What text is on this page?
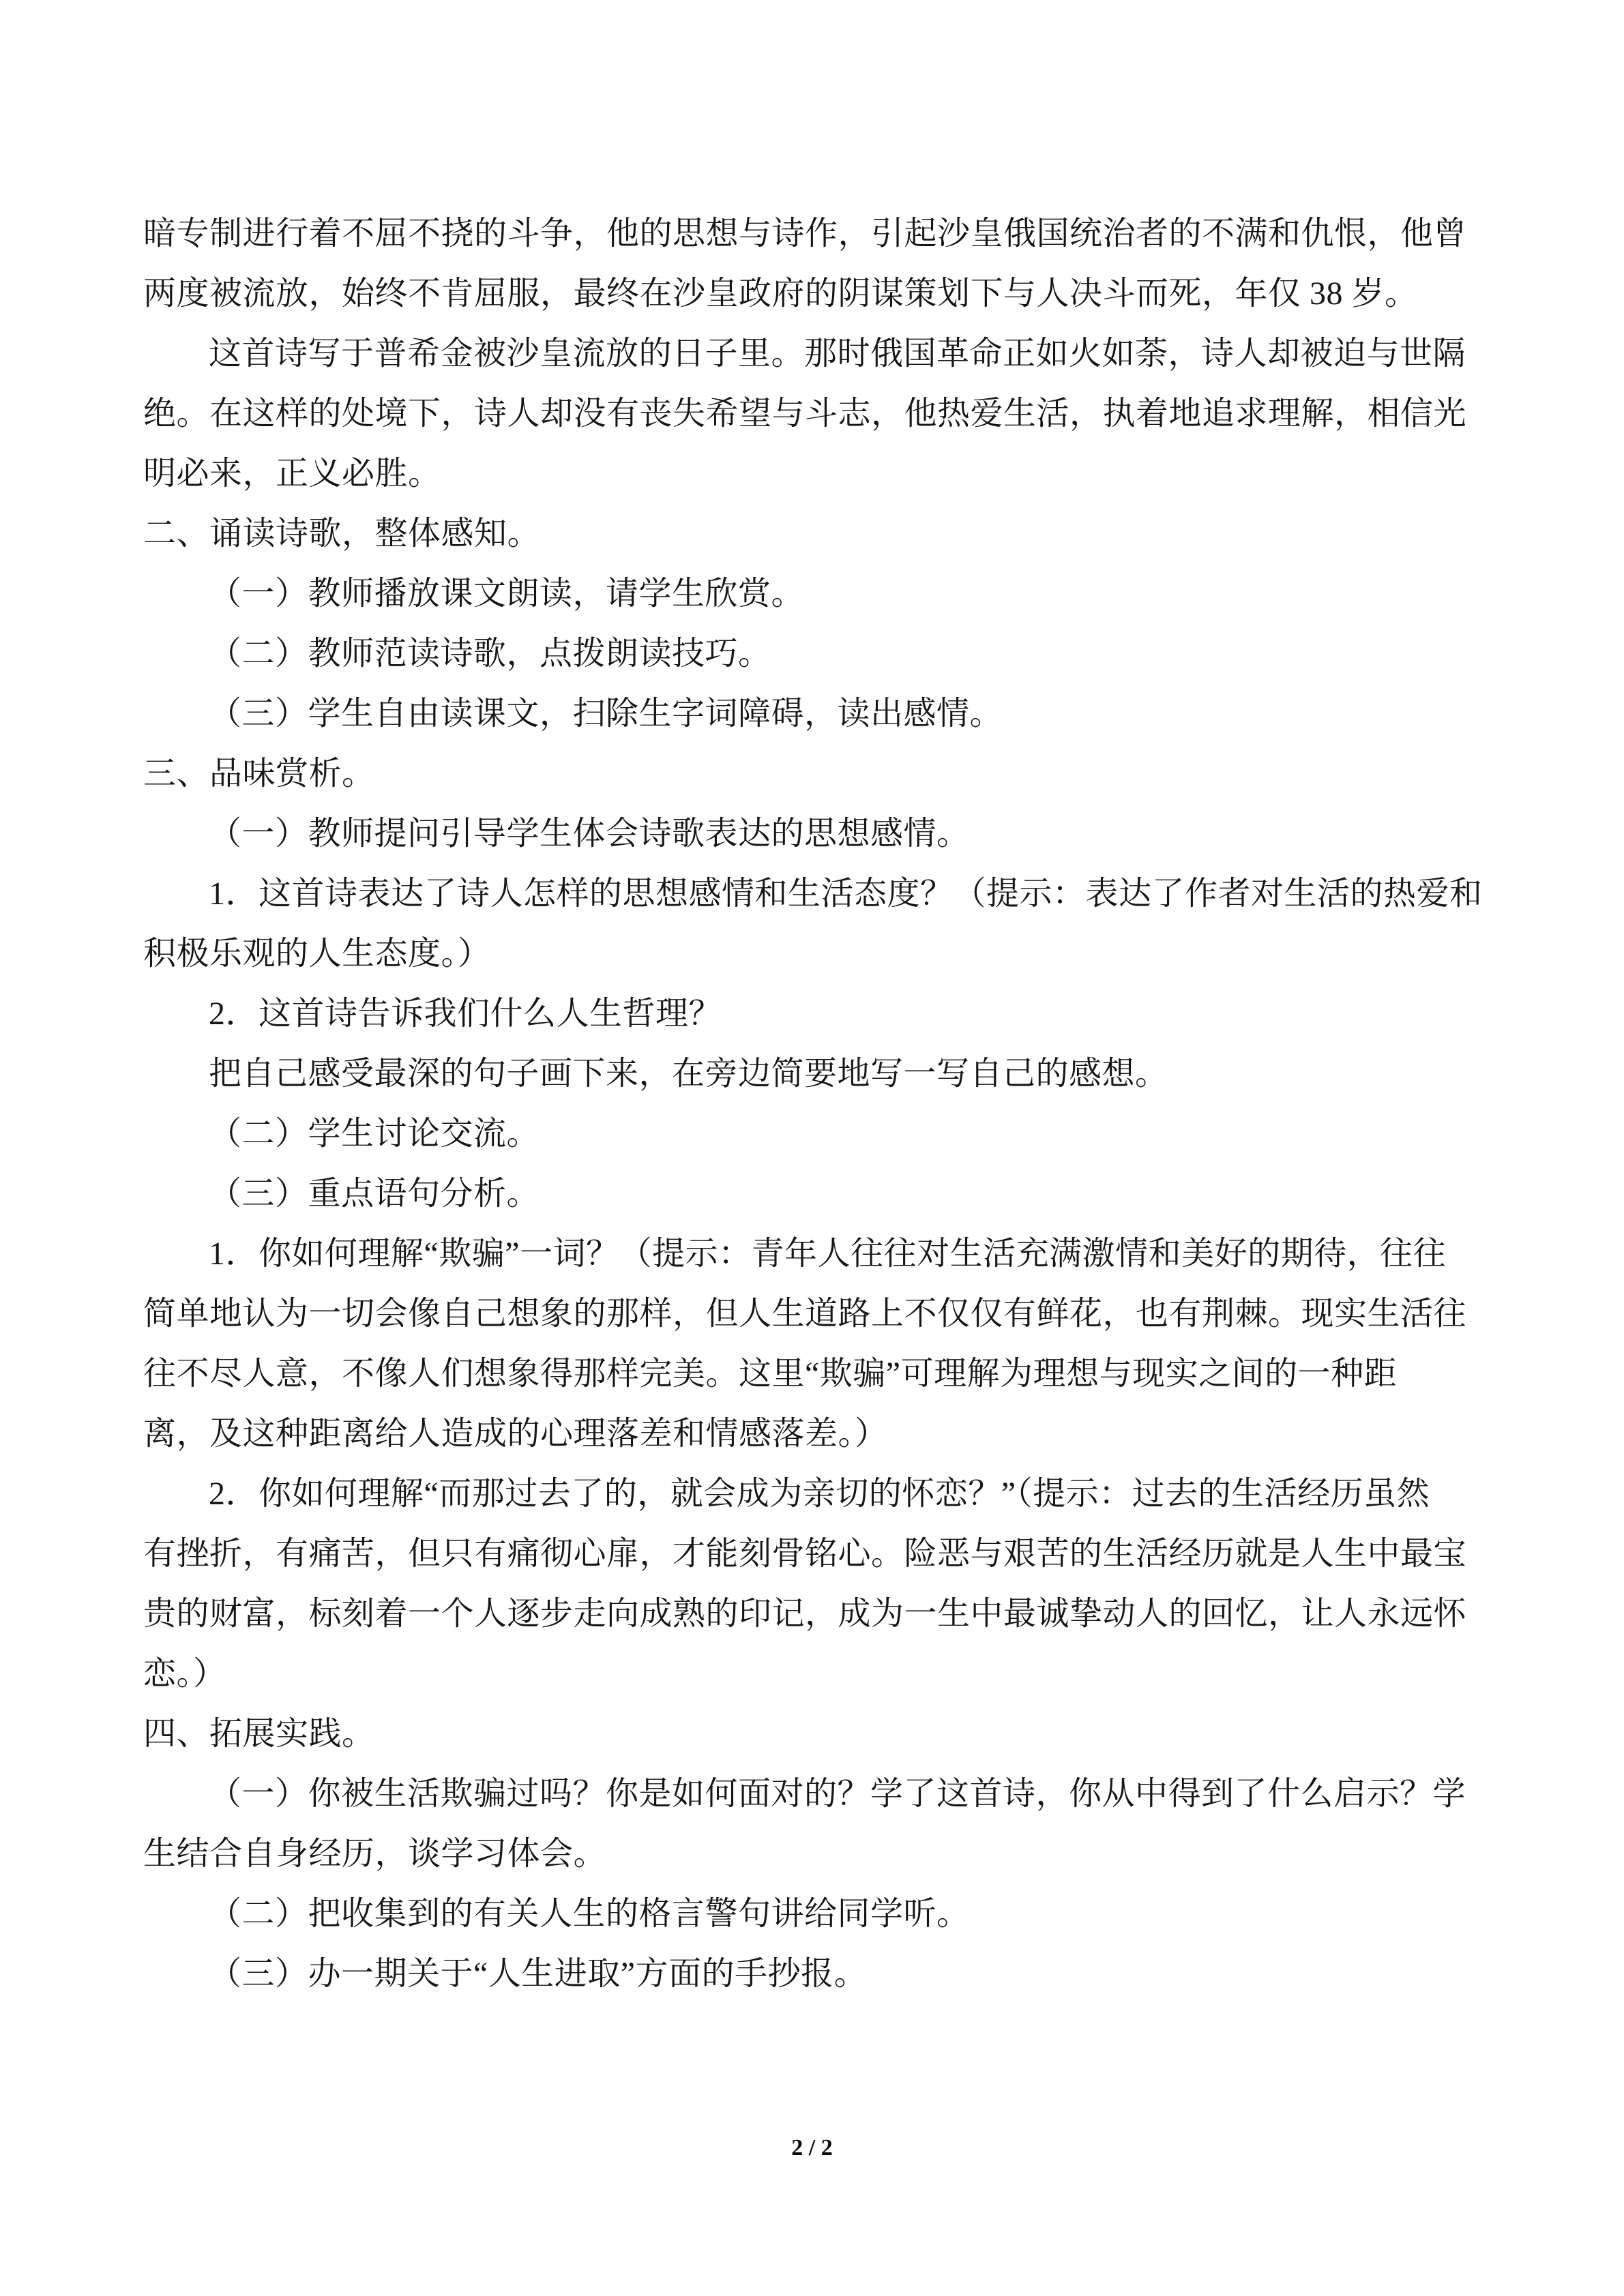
暗专制进行着不屈不挠的斗争，他的思想与诗作，引起沙皇俄国统治者的不满和仇恨，他曾
两度被流放，始终不肯屈服，最终在沙皇政府的阴谋策划下与人决斗而死，年仅 38 岁。
这首诗写于普希金被沙皇流放的日子里。那时俄国革命正如火如荼，诗人却被迫与世隔
绝。在这样的处境下，诗人却没有丧失希望与斗志，他热爱生活，执着地追求理解，相信光
明必来，正义必胜。
二、诵读诗歌，整体感知。
（一）教师播放课文朗读，请学生欣赏。
（二）教师范读诗歌，点拨朗读技巧。
（三）学生自由读课文，扫除生字词障碍，读出感情。
三、品味赏析。
（一）教师提问引导学生体会诗歌表达的思想感情。
1．这首诗表达了诗人怎样的思想感情和生活态度？（提示：表达了作者对生活的热爱和
积极乐观的人生态度。）
2．这首诗告诉我们什么人生哲理？
把自己感受最深的句子画下来，在旁边简要地写一写自己的感想。
（二）学生讨论交流。
（三）重点语句分析。
1．你如何理解“欺骗”一词？（提示：青年人往往对生活充满激情和美好的期待，往往
简单地认为一切会像自己想象的那样，但人生道路上不仅仅有鲜花，也有荆棘。现实生活往
往不尽人意，不像人们想象得那样完美。这里“欺骗”可理解为理想与现实之间的一种距
离，及这种距离给人造成的心理落差和情感落差。）
2．你如何理解“而那过去了的，就会成为亲切的怀恋？”（提示：过去的生活经历虽然
有挫折，有痛苦，但只有痛彻心扉，才能刻骨铭心。险恶与艰苦的生活经历就是人生中最宝
贵的财富，标刻着一个人逐步走向成熟的印记，成为一生中最诚挚动人的回忆，让人永远怀
恋。）
四、拓展实践。
（一）你被生活欺骗过吗？你是如何面对的？学了这首诗，你从中得到了什么启示？学
生结合自身经历，谈学习体会。
（二）把收集到的有关人生的格言警句讲给同学听。
（三）办一期关于“人生进取”方面的手抄报。
2 / 2
